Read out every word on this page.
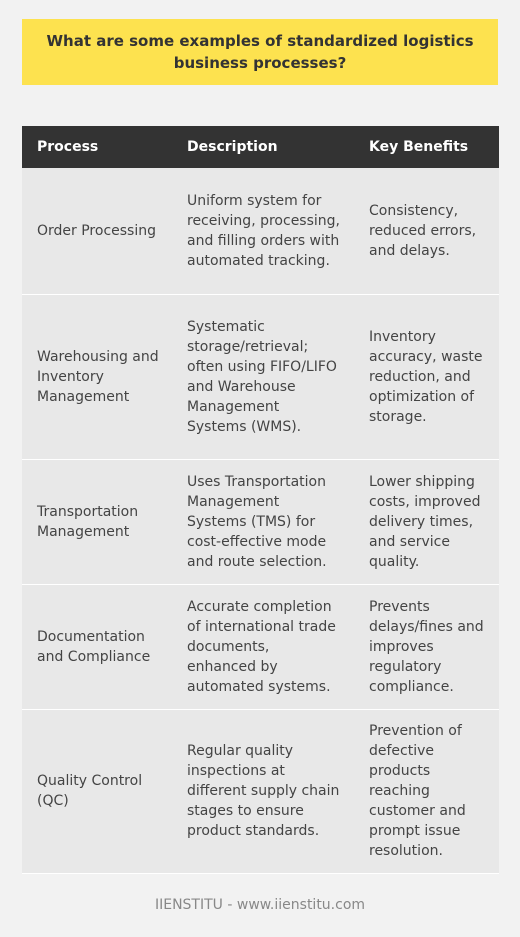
What are some examples of standardized logistics business processes?
Process	Description	Key Benefits
Order Processing	Uniform system for receiving, processing, and filling orders with automated tracking.	Consistency, reduced errors, and delays.
Warehousing and Inventory Management	Systematic storage/retrieval; often using FIFO/LIFO and Warehouse Management Systems (WMS).	Inventory accuracy, waste reduction, and optimization of storage.
Transportation Management	Uses Transportation Management Systems (TMS) for cost-effective mode and route selection.	Lower shipping costs, improved delivery times, and service quality.
Documentation and Compliance	Accurate completion of international trade documents, enhanced by automated systems.	Prevents delays/fines and improves regulatory compliance.
Quality Control (QC)	Regular quality inspections at different supply chain stages to ensure product standards.	Prevention of defective products reaching customer and prompt issue resolution.
IIENSTITU - www.iienstitu.com
